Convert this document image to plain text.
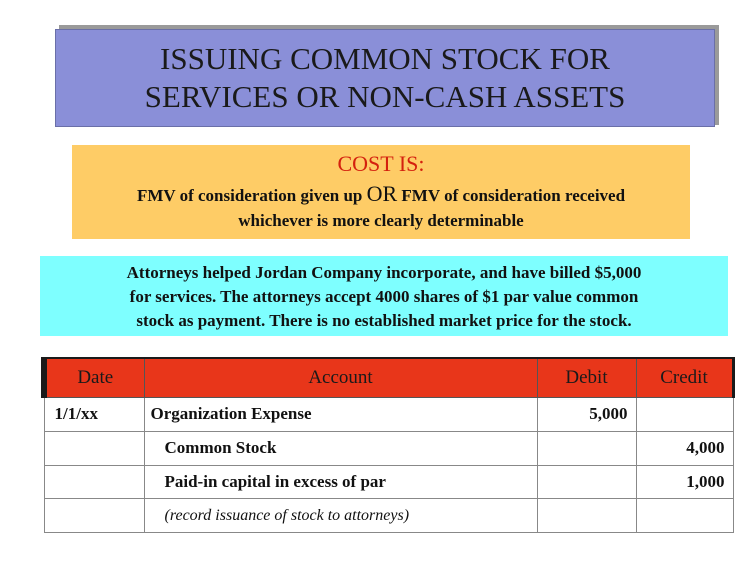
ISSUING COMMON STOCK FOR
SERVICES OR NON-CASH ASSETS
COST IS:
FMV of consideration given up OR FMV of consideration received
whichever is more clearly determinable
Attorneys helped Jordan Company incorporate, and have billed $5,000
for services. The attorneys accept 4000 shares of $1 par value common
stock as payment. There is no established market price for the stock.
Date	Account	Debit	Credit
1/1/xx	Organization Expense	5,000	
	Common Stock		4,000
	Paid-in capital in excess of par		1,000
	(record issuance of stock to attorneys)		
